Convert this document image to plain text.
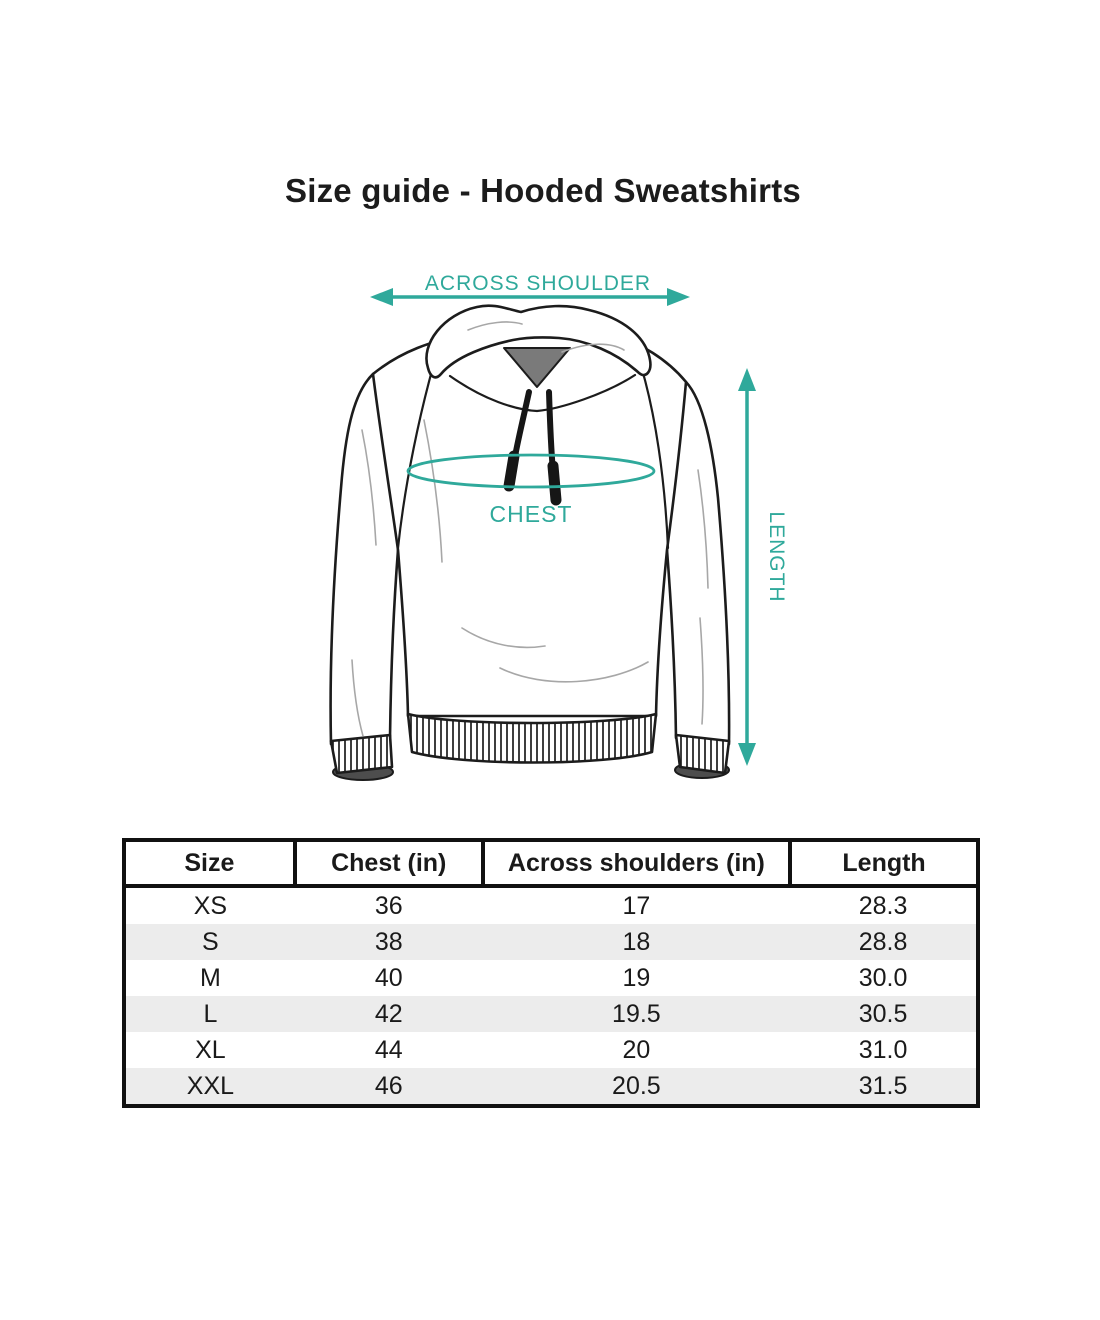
Size guide - Hooded Sweatshirts
ACROSS SHOULDER
CHEST	LENGTH
Size	Chest (in)	Across shoulders (in)	Length
XS	36	17	28.3
S	38	18	28.8
M	40	19	30.0
L	42	19.5	30.5
XL	44	20	31.0
XXL	46	20.5	31.5
